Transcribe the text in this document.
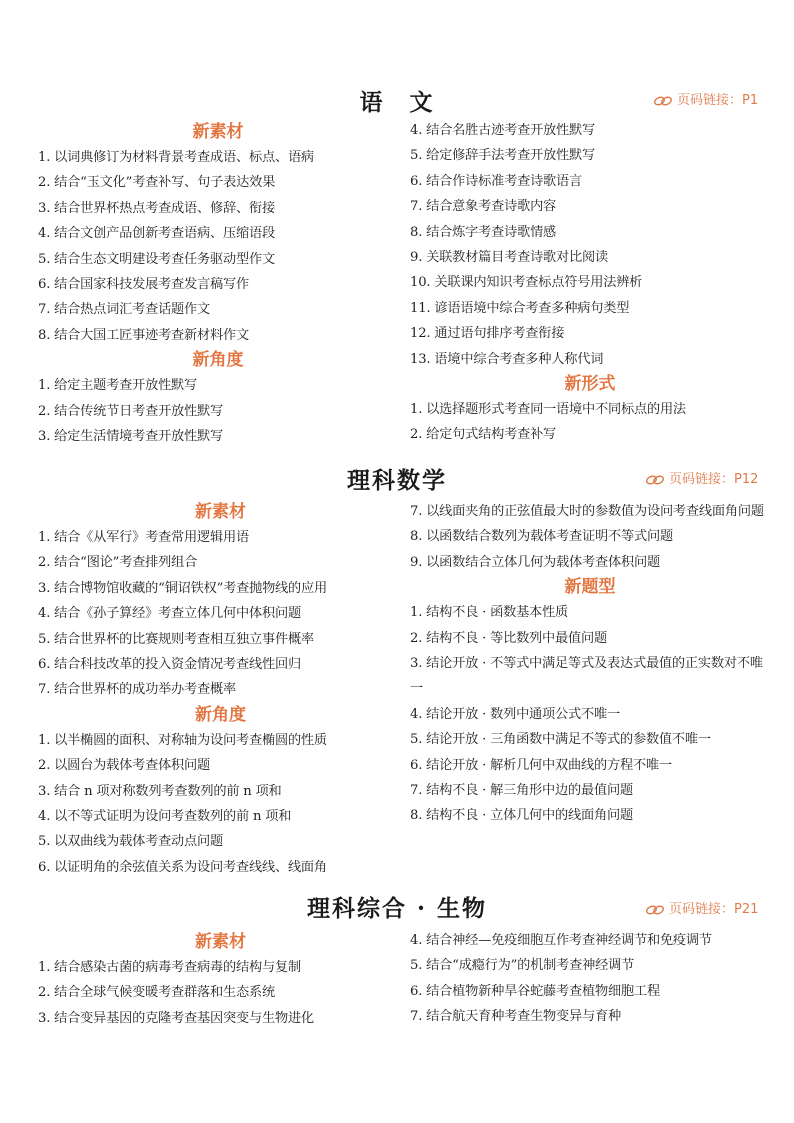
语　文	页码链接：P1
新素材
1. 以词典修订为材料背景考查成语、标点、语病
2. 结合“玉文化”考查补写、句子表达效果
3. 结合世界杯热点考查成语、修辞、衔接
4. 结合文创产品创新考查语病、压缩语段
5. 结合生态文明建设考查任务驱动型作文
6. 结合国家科技发展考查发言稿写作
7. 结合热点词汇考查话题作文
8. 结合大国工匠事迹考查新材料作文
新角度
1. 给定主题考查开放性默写
2. 结合传统节日考查开放性默写
3. 给定生活情境考查开放性默写
4. 结合名胜古迹考查开放性默写
5. 给定修辞手法考查开放性默写
6. 结合作诗标准考查诗歌语言
7. 结合意象考查诗歌内容
8. 结合炼字考查诗歌情感
9. 关联教材篇目考查诗歌对比阅读
10. 关联课内知识考查标点符号用法辨析
11. 谚语语境中综合考查多种病句类型
12. 通过语句排序考查衔接
13. 语境中综合考查多种人称代词
新形式
1. 以选择题形式考查同一语境中不同标点的用法
2. 给定句式结构考查补写
理科数学	页码链接：P12
新素材
1. 结合《从军行》考查常用逻辑用语
2. 结合“图论”考查排列组合
3. 结合博物馆收藏的“铜诏铁权”考查抛物线的应用
4. 结合《孙子算经》考查立体几何中体积问题
5. 结合世界杯的比赛规则考查相互独立事件概率
6. 结合科技改革的投入资金情况考查线性回归
7. 结合世界杯的成功举办考查概率
新角度
1. 以半椭圆的面积、对称轴为设问考查椭圆的性质
2. 以圆台为载体考查体积问题
3. 结合 n 项对称数列考查数列的前 n 项和
4. 以不等式证明为设问考查数列的前 n 项和
5. 以双曲线为载体考查动点问题
6. 以证明角的余弦值关系为设问考查线线、线面角
7. 以线面夹角的正弦值最大时的参数值为设问考查线面角问题
8. 以函数结合数列为载体考查证明不等式问题
9. 以函数结合立体几何为载体考查体积问题
新题型
1. 结构不良 · 函数基本性质
2. 结构不良 · 等比数列中最值问题
3. 结论开放 · 不等式中满足等式及表达式最值的正实数对不唯一
4. 结论开放 · 数列中通项公式不唯一
5. 结论开放 · 三角函数中满足不等式的参数值不唯一
6. 结论开放 · 解析几何中双曲线的方程不唯一
7. 结构不良 · 解三角形中边的最值问题
8. 结构不良 · 立体几何中的线面角问题
理科综合 · 生物	页码链接：P21
新素材
1. 结合感染古菌的病毒考查病毒的结构与复制
2. 结合全球气候变暖考查群落和生态系统
3. 结合变异基因的克隆考查基因突变与生物进化
4. 结合神经—免疫细胞互作考查神经调节和免疫调节
5. 结合“成瘾行为”的机制考查神经调节
6. 结合植物新种旱谷蛇藤考查植物细胞工程
7. 结合航天育种考查生物变异与育种
